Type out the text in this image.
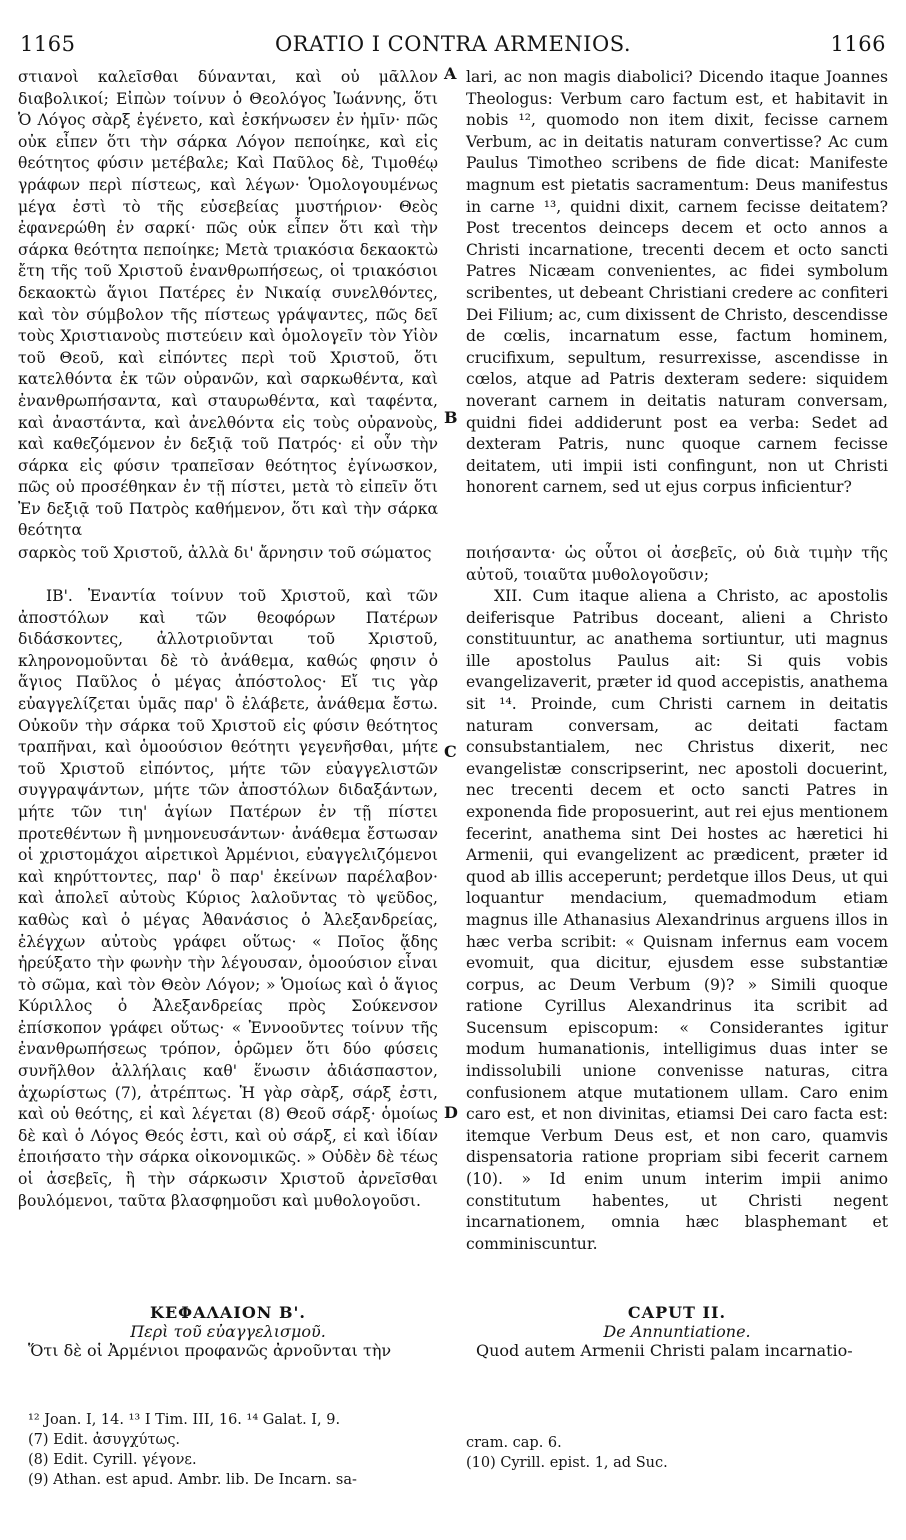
1165	ORATIO I CONTRA ARMENIOS.	1166
A
B
C
D

στιανοὶ καλεῖσθαι δύνανται, καὶ οὐ μᾶλλον διαβολικοί; Εἰπὼν τοίνυν ὁ Θεολόγος Ἰωάννης, ὅτι Ὁ Λόγος σὰρξ ἐγένετο, καὶ ἐσκήνωσεν ἐν ἡμῖν· πῶς οὐκ εἶπεν ὅτι τὴν σάρκα Λόγον πεποίηκε, καὶ εἰς θεότητος φύσιν μετέβαλε; Καὶ Παῦλος δὲ, Τιμοθέῳ γράφων περὶ πίστεως, καὶ λέγων· Ὁμολογουμένως μέγα ἐστὶ τὸ τῆς εὐσεβείας μυστήριον· Θεὸς ἐφανερώθη ἐν σαρκί· πῶς οὐκ εἶπεν ὅτι καὶ τὴν σάρκα θεότητα πεποίηκε; Μετὰ τριακόσια δεκαοκτὼ ἔτη τῆς τοῦ Χριστοῦ ἐνανθρωπήσεως, οἱ τριακόσιοι δεκαοκτὼ ἅγιοι Πατέρες ἐν Νικαίᾳ συνελθόντες, καὶ τὸν σύμβολον τῆς πίστεως γράψαντες, πῶς δεῖ τοὺς Χριστιανοὺς πιστεύειν καὶ ὁμολογεῖν τὸν Υἱὸν τοῦ Θεοῦ, καὶ εἰπόντες περὶ τοῦ Χριστοῦ, ὅτι κατελθόντα ἐκ τῶν οὐρανῶν, καὶ σαρκωθέντα, καὶ ἐνανθρωπήσαντα, καὶ σταυρωθέντα, καὶ ταφέντα, καὶ ἀναστάντα, καὶ ἀνελθόντα εἰς τοὺς οὐρανοὺς, καὶ καθεζόμενον ἐν δεξιᾷ τοῦ Πατρός· εἰ οὖν τὴν σάρκα εἰς φύσιν τραπεῖσαν θεότητος ἐγίνωσκον, πῶς οὐ προσέθηκαν ἐν τῇ πίστει, μετὰ τὸ εἰπεῖν ὅτι Ἐν δεξιᾷ τοῦ Πατρὸς καθήμενον, ὅτι καὶ τὴν σάρκα θεότητα

lari, ac non magis diabolici? Dicendo itaque Joannes Theologus: Verbum caro factum est, et habitavit in nobis ¹², quomodo non item dixit, fecisse carnem Verbum, ac in deitatis naturam convertisse? Ac cum Paulus Timotheo scribens de fide dicat: Manifeste magnum est pietatis sacramentum: Deus manifestus in carne ¹³, quidni dixit, carnem fecisse deitatem? Post trecentos deinceps decem et octo annos a Christi incarnatione, trecenti decem et octo sancti Patres Nicæam convenientes, ac fidei symbolum scribentes, ut debeant Christiani credere ac confiteri Dei Filium; ac, cum dixissent de Christo, descendisse de cœlis, incarnatum esse, factum hominem, crucifixum, sepultum, resurrexisse, ascendisse in cœlos, atque ad Patris dexteram sedere: siquidem noverant carnem in deitatis naturam conversam, quidni fidei addiderunt post ea verba: Sedet ad dexteram Patris, nunc quoque carnem fecisse deitatem, uti impii isti confingunt, non ut Christi honorent carnem, sed ut ejus corpus inficientur?

σαρκὸς τοῦ Χριστοῦ, ἀλλὰ δι' ἄρνησιν τοῦ σώματος	ποιήσαντα· ὡς οὗτοι οἱ ἀσεβεῖς, οὐ διὰ τιμὴν τῆς αὐτοῦ, τοιαῦτα μυθολογοῦσιν;

ΙΒ'. Ἐναντία τοίνυν τοῦ Χριστοῦ, καὶ τῶν ἀποστόλων καὶ τῶν θεοφόρων Πατέρων διδάσκοντες, ἀλλοτριοῦνται τοῦ Χριστοῦ, κληρονομοῦνται δὲ τὸ ἀνάθεμα, καθώς φησιν ὁ ἅγιος Παῦλος ὁ μέγας ἀπόστολος· Εἴ τις γὰρ εὐαγγελίζεται ὑμᾶς παρ' ὃ ἐλάβετε, ἀνάθεμα ἔστω. Οὐκοῦν τὴν σάρκα τοῦ Χριστοῦ εἰς φύσιν θεότητος τραπῆναι, καὶ ὁμοούσιον θεότητι γεγενῆσθαι, μήτε τοῦ Χριστοῦ εἰπόντος, μήτε τῶν εὐαγγελιστῶν συγγραψάντων, μήτε τῶν ἀποστόλων διδαξάντων, μήτε τῶν τιη' ἁγίων Πατέρων ἐν τῇ πίστει προτεθέντων ἢ μνημονευσάντων· ἀνάθεμα ἔστωσαν οἱ χριστομάχοι αἱρετικοὶ Ἀρμένιοι, εὐαγγελιζόμενοι καὶ κηρύττοντες, παρ' ὃ παρ' ἐκείνων παρέλαβον· καὶ ἀπολεῖ αὐτοὺς Κύριος λαλοῦντας τὸ ψεῦδος, καθὼς καὶ ὁ μέγας Ἀθανάσιος ὁ Ἀλεξανδρείας, ἐλέγχων αὐτοὺς γράφει οὕτως· « Ποῖος ᾅδης ἠρεύξατο τὴν φωνὴν τὴν λέγουσαν, ὁμοούσιον εἶναι τὸ σῶμα, καὶ τὸν Θεὸν Λόγον; » Ὁμοίως καὶ ὁ ἅγιος Κύριλλος ὁ Ἀλεξανδρείας πρὸς Σούκενσον ἐπίσκοπον γράφει οὕτως· « Ἐννοοῦντες τοίνυν τῆς ἐνανθρωπήσεως τρόπον, ὁρῶμεν ὅτι δύο φύσεις συνῆλθον ἀλλήλαις καθ' ἕνωσιν ἀδιάσπαστον, ἀχωρίστως (7), ἀτρέπτως. Ἡ γὰρ σὰρξ, σάρξ ἐστι, καὶ οὐ θεότης, εἰ καὶ λέγεται (8) Θεοῦ σάρξ· ὁμοίως δὲ καὶ ὁ Λόγος Θεός ἐστι, καὶ οὐ σάρξ, εἰ καὶ ἰδίαν ἐποιήσατο τὴν σάρκα οἰκονομικῶς. » Οὐδὲν δὲ τέως οἱ ἀσεβεῖς, ἢ τὴν σάρκωσιν Χριστοῦ ἀρνεῖσθαι βουλόμενοι, ταῦτα βλασφημοῦσι καὶ μυθολογοῦσι.

XII. Cum itaque aliena a Christo, ac apostolis deiferisque Patribus doceant, alieni a Christo constituuntur, ac anathema sortiuntur, uti magnus ille apostolus Paulus ait: Si quis vobis evangelizaverit, præter id quod accepistis, anathema sit ¹⁴. Proinde, cum Christi carnem in deitatis naturam conversam, ac deitati factam consubstantialem, nec Christus dixerit, nec evangelistæ conscripserint, nec apostoli docuerint, nec trecenti decem et octo sancti Patres in exponenda fide proposuerint, aut rei ejus mentionem fecerint, anathema sint Dei hostes ac hæretici hi Armenii, qui evangelizent ac prædicent, præter id quod ab illis acceperunt; perdetque illos Deus, ut qui loquantur mendacium, quemadmodum etiam magnus ille Athanasius Alexandrinus arguens illos in hæc verba scribit: « Quisnam infernus eam vocem evomuit, qua dicitur, ejusdem esse substantiæ corpus, ac Deum Verbum (9)? » Simili quoque ratione Cyrillus Alexandrinus ita scribit ad Sucensum episcopum: « Considerantes igitur modum humanationis, intelligimus duas inter se indissolubili unione convenisse naturas, citra confusionem atque mutationem ullam. Caro enim caro est, et non divinitas, etiamsi Dei caro facta est: itemque Verbum Deus est, et non caro, quamvis dispensatoria ratione propriam sibi fecerit carnem (10). » Id enim unum interim impii animo constitutum habentes, ut Christi negent incarnationem, omnia hæc blasphemant et comminiscuntur.

ΚΕΦΑΛΑΙΟΝ Β'.
Περὶ τοῦ εὐαγγελισμοῦ.
Ὅτι δὲ οἱ Ἀρμένιοι προφανῶς ἀρνοῦνται τὴν
CAPUT II.
De Annuntiatione.
Quod autem Armenii Christi palam incarnatio-
¹² Joan. I, 14. ¹³ I Tim. III, 16. ¹⁴ Galat. I, 9.
(7) Edit. ἀσυγχύτως.
(8) Edit. Cyrill. γέγονε.
(9) Athan. est apud. Ambr. lib. De Incarn. sa-
cram. cap. 6.
(10) Cyrill. epist. 1, ad Suc.
